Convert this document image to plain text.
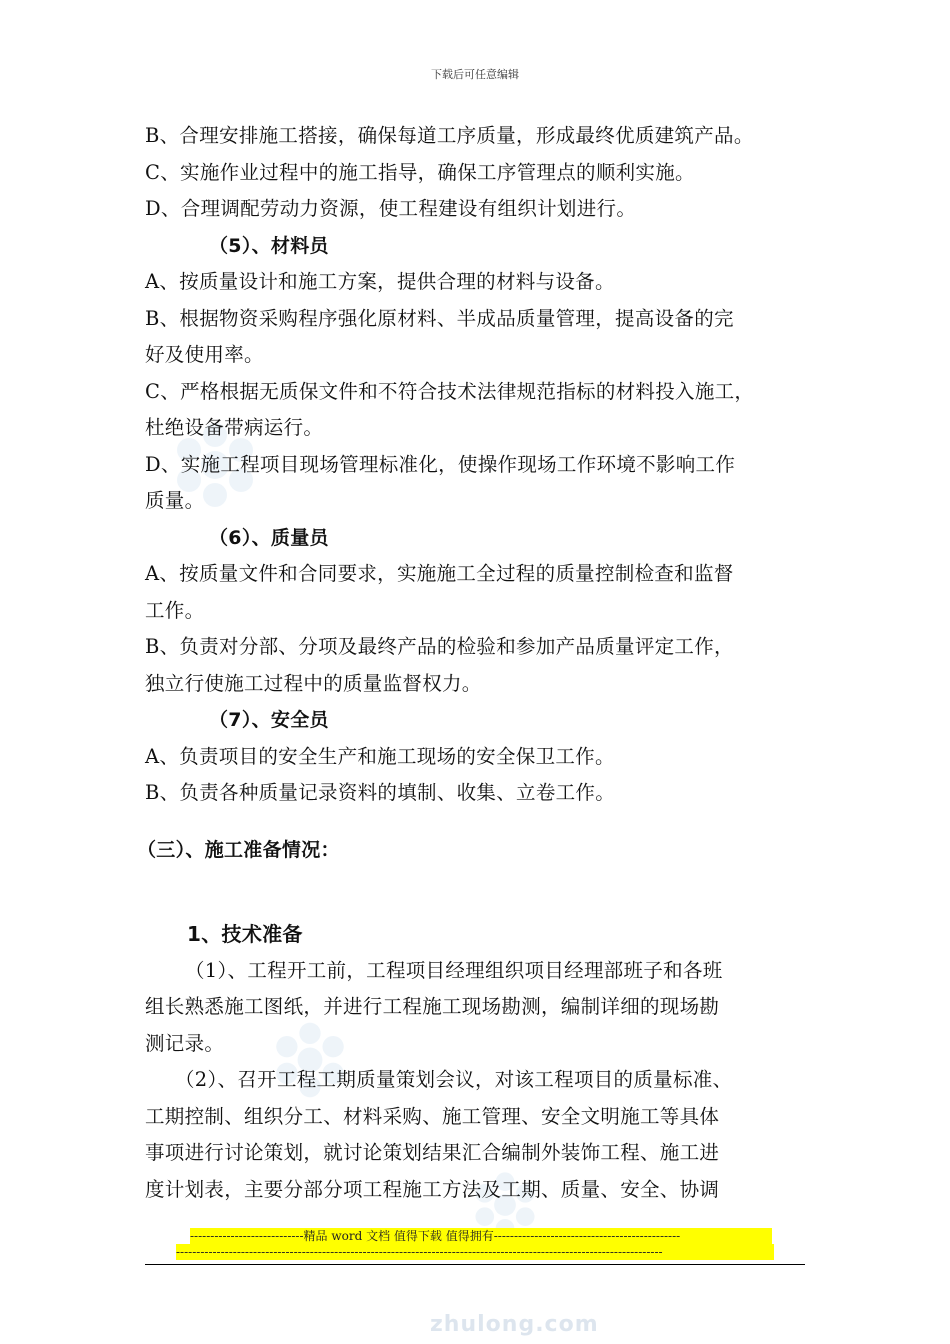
下载后可任意编辑
B、合理安排施工搭接，确保每道工序质量，形成最终优质建筑产品。
C、实施作业过程中的施工指导，确保工序管理点的顺利实施。
D、合理调配劳动力资源，使工程建设有组织计划进行。
（5）、材料员
A、按质量设计和施工方案，提供合理的材料与设备。
B、根据物资采购程序强化原材料、半成品质量管理，提高设备的完
好及使用率。
C、严格根据无质保文件和不符合技术法律规范指标的材料投入施工，
杜绝设备带病运行。
D、实施工程项目现场管理标准化，使操作现场工作环境不影响工作
质量。
（6）、质量员
A、按质量文件和合同要求，实施施工全过程的质量控制检查和监督
工作。
B、负责对分部、分项及最终产品的检验和参加产品质量评定工作，
独立行使施工过程中的质量监督权力。
（7）、安全员
A、负责项目的安全生产和施工现场的安全保卫工作。
B、负责各种质量记录资料的填制、收集、立卷工作。
（三）、施工准备情况：
1、技术准备
（1）、工程开工前，工程项目经理组织项目经理部班子和各班
组长熟悉施工图纸，并进行工程施工现场勘测，编制详细的现场勘
测记录。
（2）、召开工程工期质量策划会议，对该工程项目的质量标准、
工期控制、组织分工、材料采购、施工管理、安全文明施工等具体
事项进行讨论策划，就讨论策划结果汇合编制外装饰工程、施工进
度计划表，主要分部分项工程施工方法及工期、质量、安全、协调
----------------------------精品 word 文档 值得下载 值得拥有----------------------------------------------
------------------------------------------------------------------------------------------------------------------------
zhulong.com
